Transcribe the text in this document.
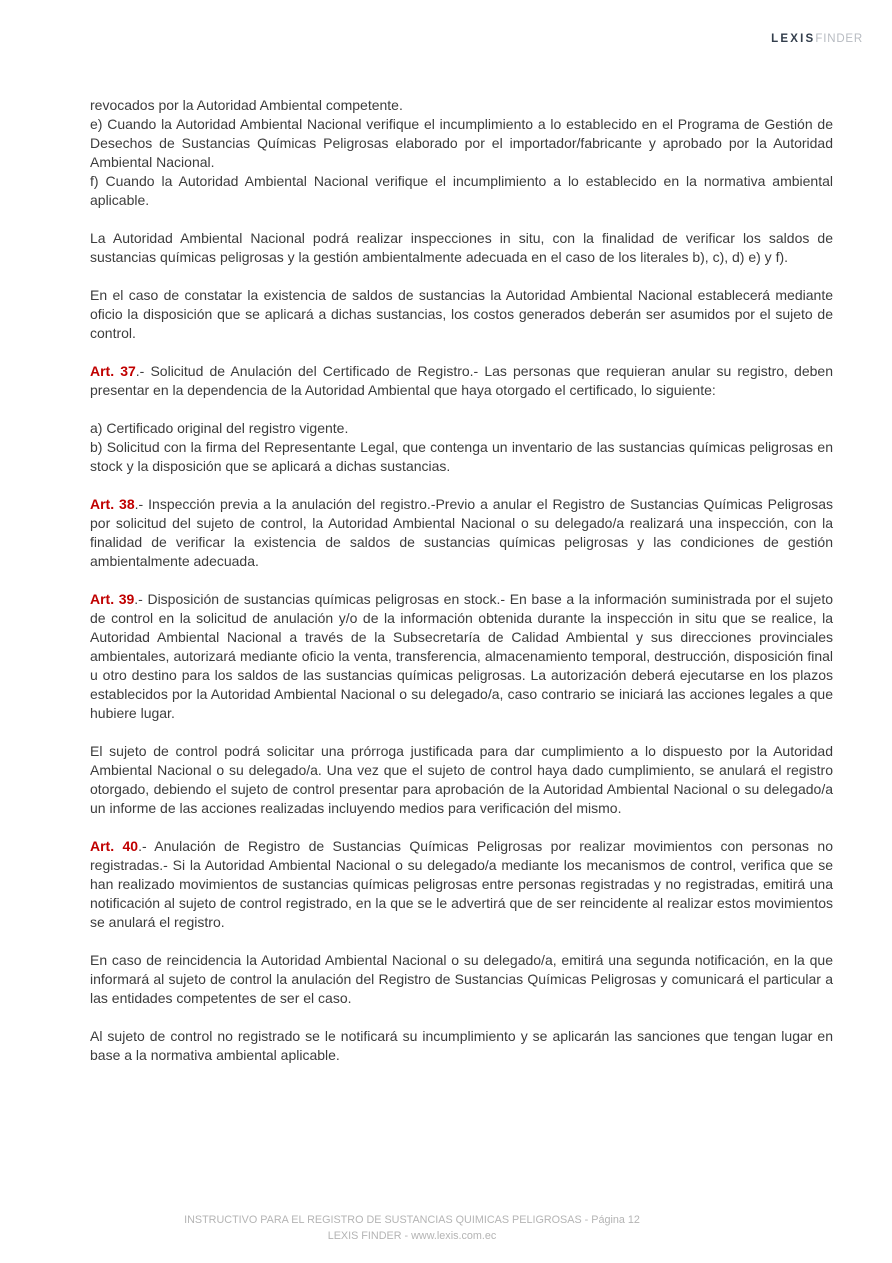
LEXISFINDER

revocados por la Autoridad Ambiental competente.

e) Cuando la Autoridad Ambiental Nacional verifique el incumplimiento a lo establecido en el Programa de Gestión de Desechos de Sustancias Químicas Peligrosas elaborado por el importador/fabricante y aprobado por la Autoridad Ambiental Nacional.

f) Cuando la Autoridad Ambiental Nacional verifique el incumplimiento a lo establecido en la normativa ambiental aplicable.

La Autoridad Ambiental Nacional podrá realizar inspecciones in situ, con la finalidad de verificar los saldos de sustancias químicas peligrosas y la gestión ambientalmente adecuada en el caso de los literales b), c), d) e) y f).

En el caso de constatar la existencia de saldos de sustancias la Autoridad Ambiental Nacional establecerá mediante oficio la disposición que se aplicará a dichas sustancias, los costos generados deberán ser asumidos por el sujeto de control.

Art. 37.- Solicitud de Anulación del Certificado de Registro.- Las personas que requieran anular su registro, deben presentar en la dependencia de la Autoridad Ambiental que haya otorgado el certificado, lo siguiente:

a) Certificado original del registro vigente.

b) Solicitud con la firma del Representante Legal, que contenga un inventario de las sustancias químicas peligrosas en stock y la disposición que se aplicará a dichas sustancias.

Art. 38.- Inspección previa a la anulación del registro.-Previo a anular el Registro de Sustancias Químicas Peligrosas por solicitud del sujeto de control, la Autoridad Ambiental Nacional o su delegado/a realizará una inspección, con la finalidad de verificar la existencia de saldos de sustancias químicas peligrosas y las condiciones de gestión ambientalmente adecuada.

Art. 39.- Disposición de sustancias químicas peligrosas en stock.- En base a la información suministrada por el sujeto de control en la solicitud de anulación y/o de la información obtenida durante la inspección in situ que se realice, la Autoridad Ambiental Nacional a través de la Subsecretaría de Calidad Ambiental y sus direcciones provinciales ambientales, autorizará mediante oficio la venta, transferencia, almacenamiento temporal, destrucción, disposición final u otro destino para los saldos de las sustancias químicas peligrosas. La autorización deberá ejecutarse en los plazos establecidos por la Autoridad Ambiental Nacional o su delegado/a, caso contrario se iniciará las acciones legales a que hubiere lugar.

El sujeto de control podrá solicitar una prórroga justificada para dar cumplimiento a lo dispuesto por la Autoridad Ambiental Nacional o su delegado/a. Una vez que el sujeto de control haya dado cumplimiento, se anulará el registro otorgado, debiendo el sujeto de control presentar para aprobación de la Autoridad Ambiental Nacional o su delegado/a un informe de las acciones realizadas incluyendo medios para verificación del mismo.

Art. 40.- Anulación de Registro de Sustancias Químicas Peligrosas por realizar movimientos con personas no registradas.- Si la Autoridad Ambiental Nacional o su delegado/a mediante los mecanismos de control, verifica que se han realizado movimientos de sustancias químicas peligrosas entre personas registradas y no registradas, emitirá una notificación al sujeto de control registrado, en la que se le advertirá que de ser reincidente al realizar estos movimientos se anulará el registro.

En caso de reincidencia la Autoridad Ambiental Nacional o su delegado/a, emitirá una segunda notificación, en la que informará al sujeto de control la anulación del Registro de Sustancias Químicas Peligrosas y comunicará el particular a las entidades competentes de ser el caso.

Al sujeto de control no registrado se le notificará su incumplimiento y se aplicarán las sanciones que tengan lugar en base a la normativa ambiental aplicable.

INSTRUCTIVO PARA EL REGISTRO DE SUSTANCIAS QUIMICAS PELIGROSAS - Página 12
LEXIS FINDER - www.lexis.com.ec
